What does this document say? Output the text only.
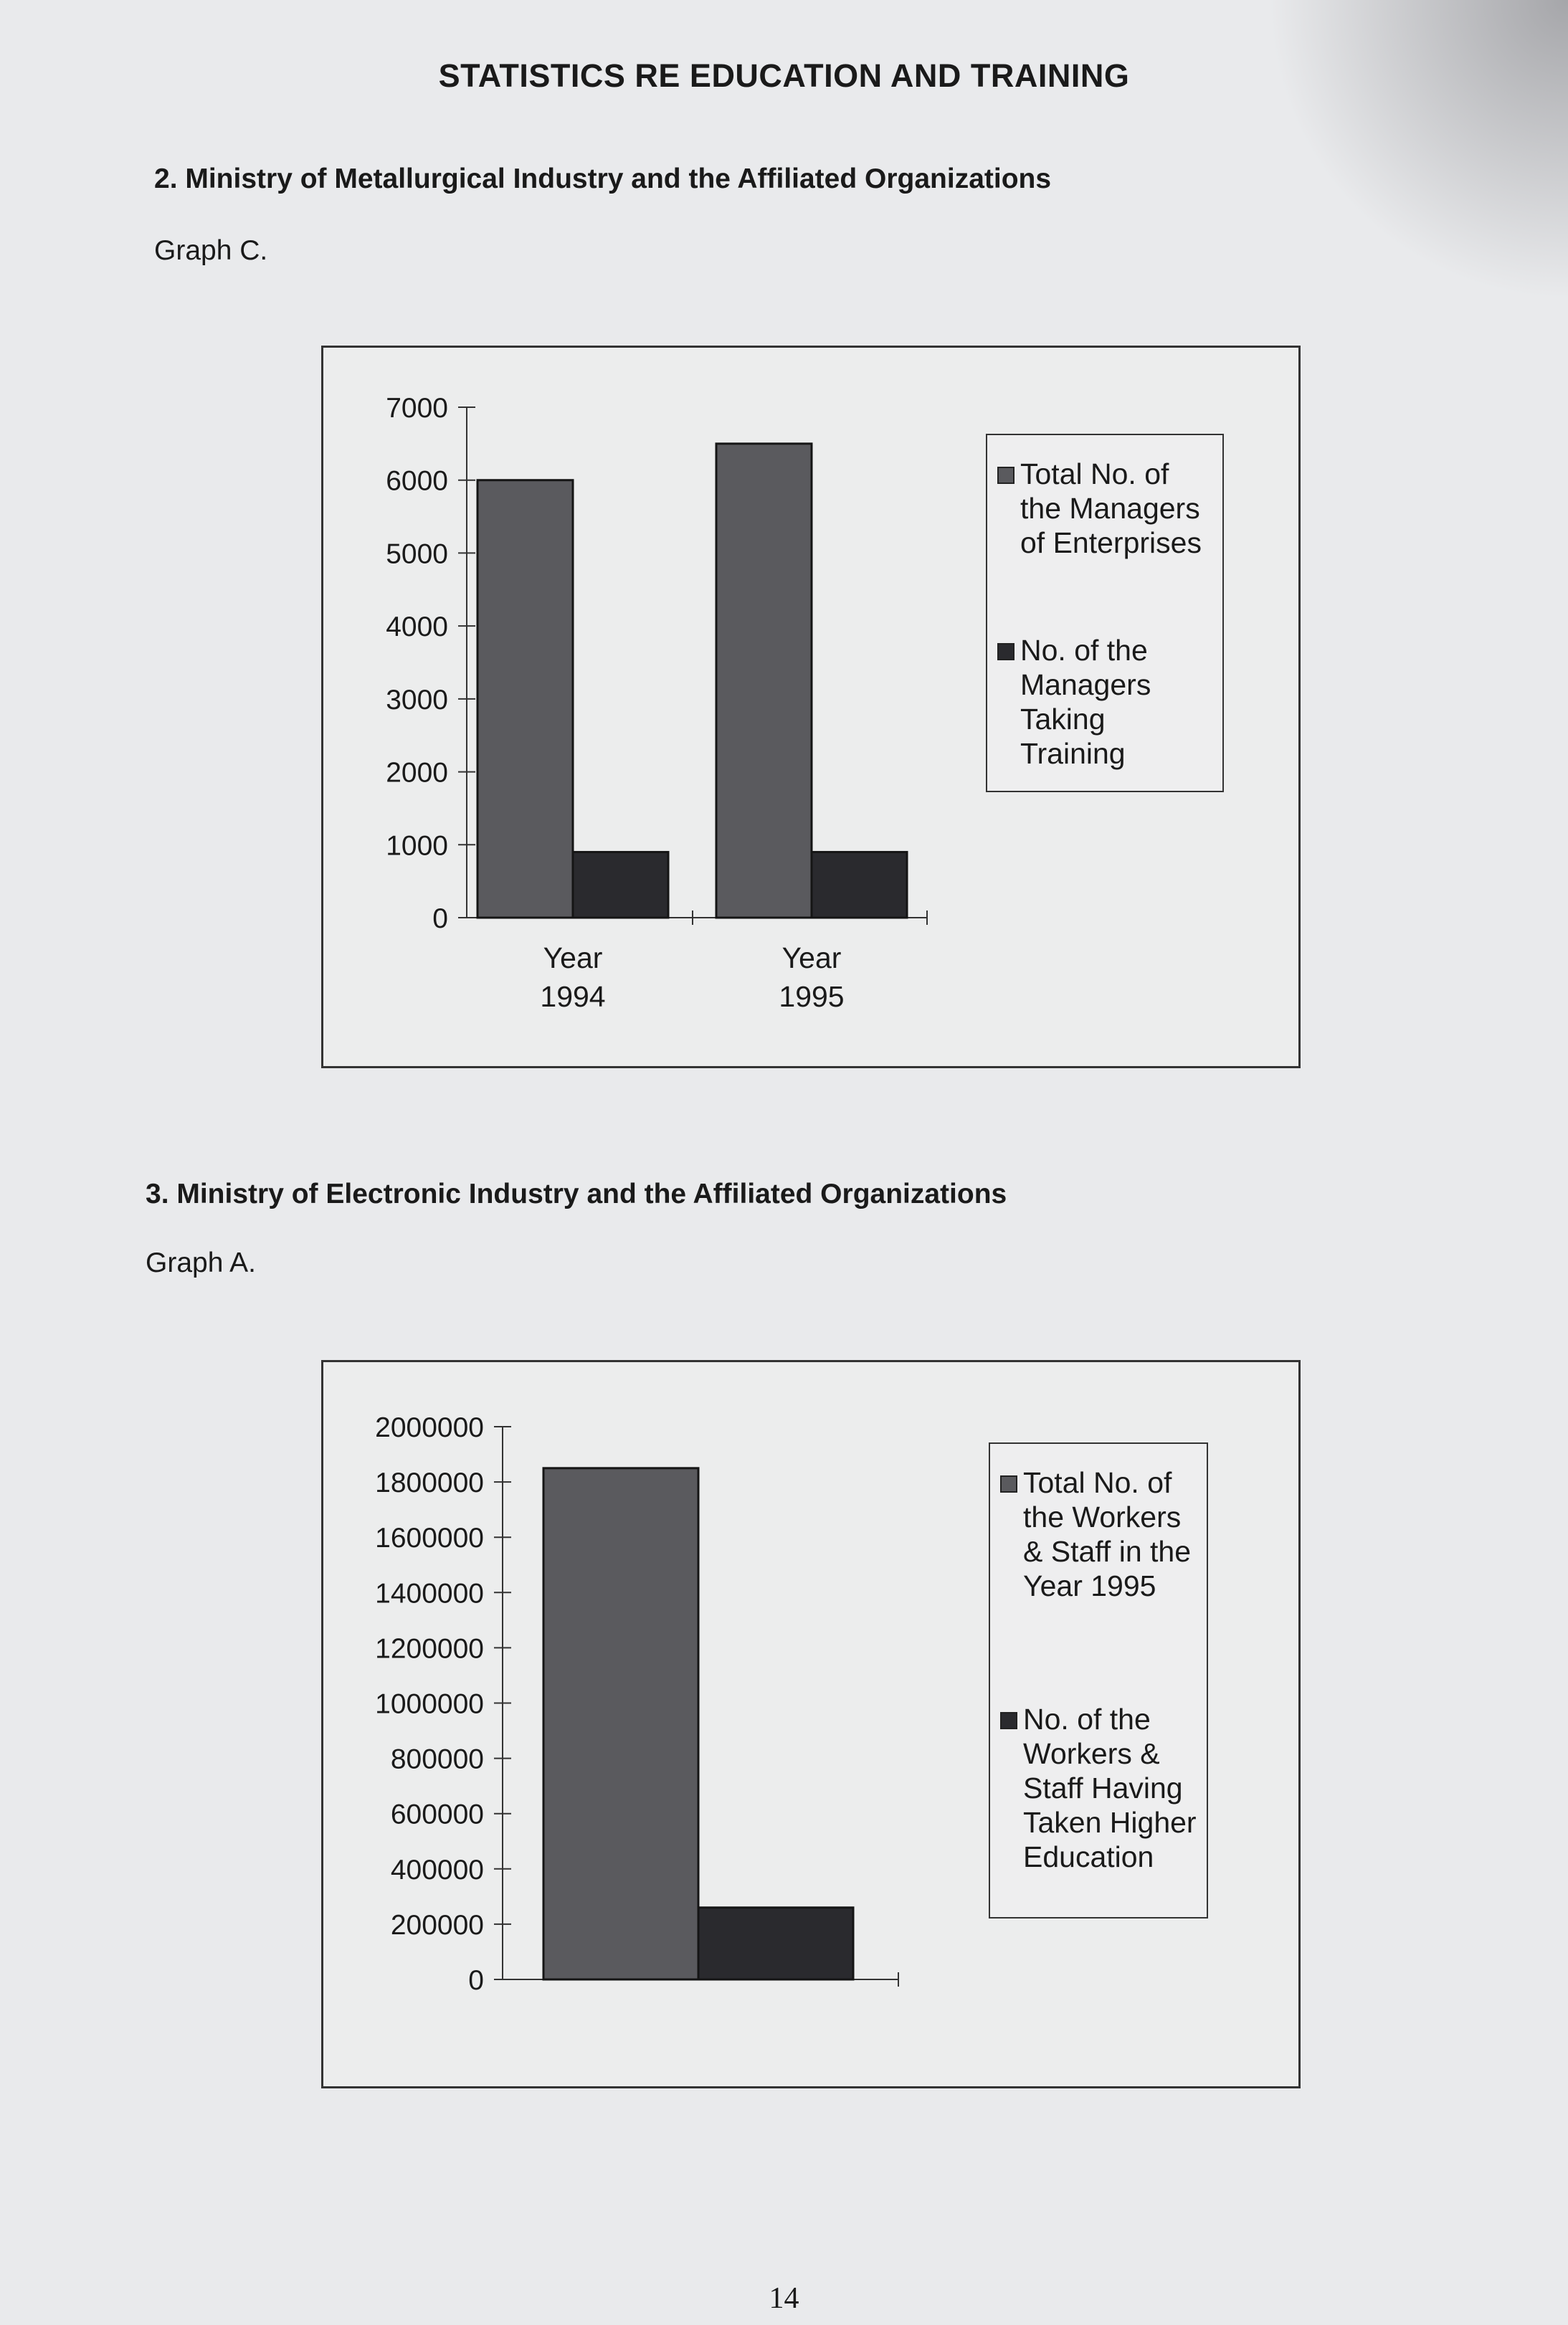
STATISTICS RE EDUCATION AND TRAINING
2. Ministry of Metallurgical Industry and the Affiliated Organizations
Graph C.
0
1000
2000
3000
4000
5000
6000
7000
Year
1994
Year
1995
Total No. of the Managers of Enterprises
No. of the Managers Taking Training
3. Ministry of Electronic Industry and the Affiliated Organizations
Graph A.
0
200000
400000
600000
800000
1000000
1200000
1400000
1600000
1800000
2000000
Total No. of the Workers & Staff in the Year 1995
No. of the Workers & Staff Having Taken Higher Education
14
